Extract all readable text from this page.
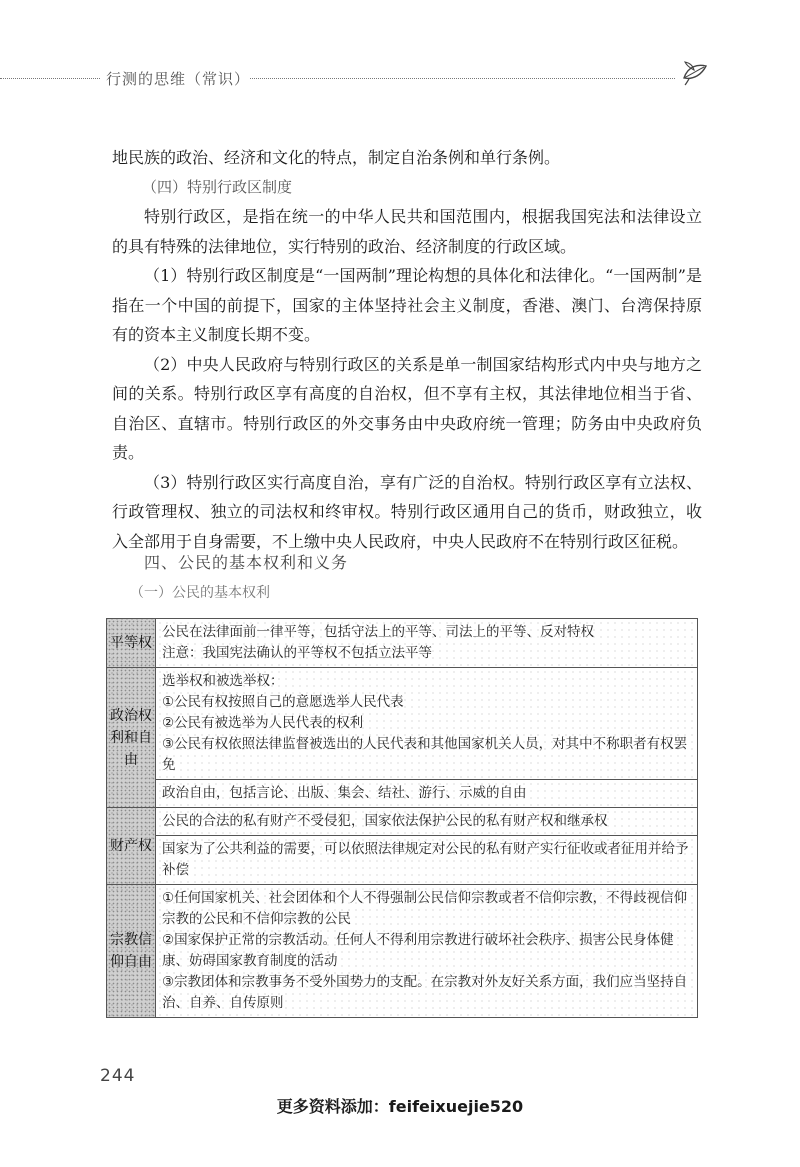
行测的思维（常识）

地民族的政治、经济和文化的特点，制定自治条例和单行条例。

（四）特别行政区制度

特别行政区，是指在统一的中华人民共和国范围内，根据我国宪法和法律设立的具有特殊的法律地位，实行特别的政治、经济制度的行政区域。

（1）特别行政区制度是“一国两制”理论构想的具体化和法律化。“一国两制”是指在一个中国的前提下，国家的主体坚持社会主义制度，香港、澳门、台湾保持原有的资本主义制度长期不变。

（2）中央人民政府与特别行政区的关系是单一制国家结构形式内中央与地方之间的关系。特别行政区享有高度的自治权，但不享有主权，其法律地位相当于省、自治区、直辖市。特别行政区的外交事务由中央政府统一管理；防务由中央政府负责。

（3）特别行政区实行高度自治，享有广泛的自治权。特别行政区享有立法权、行政管理权、独立的司法权和终审权。特别行政区通用自己的货币，财政独立，收入全部用于自身需要，不上缴中央人民政府，中央人民政府不在特别行政区征税。

四、公民的基本权利和义务
（一）公民的基本权利
平等权	公民在法律面前一律平等，包括守法上的平等、司法上的平等、反对特权
注意：我国宪法确认的平等权不包括立法平等

政治权利和自由	选举权和被选举权：
①公民有权按照自己的意愿选举人民代表
②公民有被选举为人民代表的权利
③公民有权依照法律监督被选出的人民代表和其他国家机关人员，对其中不称职者有权罢免

	政治自由，包括言论、出版、集会、结社、游行、示威的自由
财产权	公民的合法的私有财产不受侵犯，国家依法保护公民的私有财产权和继承权
	国家为了公共利益的需要，可以依照法律规定对公民的私有财产实行征收或者征用并给予补偿
宗教信仰自由	①任何国家机关、社会团体和个人不得强制公民信仰宗教或者不信仰宗教，不得歧视信仰宗教的公民和不信仰宗教的公民
②国家保护正常的宗教活动。任何人不得利用宗教进行破坏社会秩序、损害公民身体健康、妨碍国家教育制度的活动
③宗教团体和宗教事务不受外国势力的支配。在宗教对外友好关系方面，我们应当坚持自治、自养、自传原则
244
更多资料添加：feifeixuejie520
